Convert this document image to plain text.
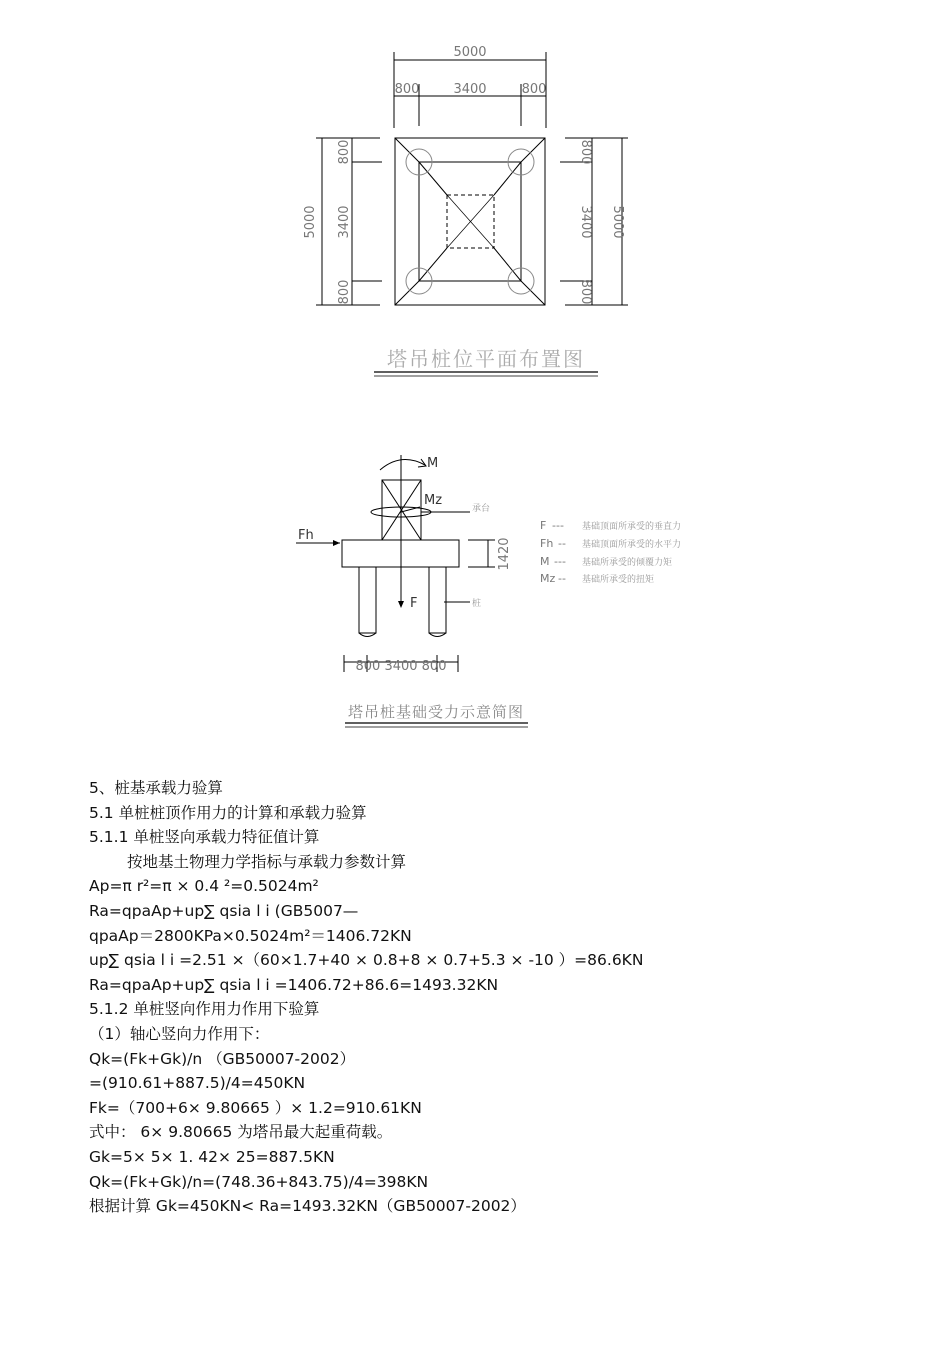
5000
800	3400	800
5000 3400
800
800
5000
3400
800
800
塔吊桩位平面布置图
M
Mz
Fh
F
承台
桩
1420
800 3400 800
F --- 基础顶面所承受的垂直力
Fh -- 基础顶面所承受的水平力
M --- 基础所承受的倾覆力矩
Mz -- 基础所承受的扭矩
塔吊桩基础受力示意简图
5、桩基承载力验算
5.1 单桩桩顶作用力的计算和承载力验算
5.1.1 单桩竖向承载力特征值计算
按地基土物理力学指标与承载力参数计算
Ap=π r²=π × 0.4 ²=0.5024m²
Ra=qpaAp+up∑ qsia l i (GB5007—
qpaAp＝2800KPa×0.5024m²＝1406.72KN
up∑ qsia l i =2.51 ×（60×1.7+40 × 0.8+8 × 0.7+5.3 × -10 ）=86.6KN
Ra=qpaAp+up∑ qsia l i =1406.72+86.6=1493.32KN
5.1.2 单桩竖向作用力作用下验算
（1）轴心竖向力作用下：
Qk=(Fk+Gk)/n （GB50007-2002）
=(910.61+887.5)/4=450KN
Fk=（700+6× 9.80665 ）× 1.2=910.61KN
式中： 6× 9.80665 为塔吊最大起重荷载。
Gk=5× 5× 1. 42× 25=887.5KN
Qk=(Fk+Gk)/n=(748.36+843.75)/4=398KN
根据计算 Gk=450KN< Ra=1493.32KN（GB50007-2002）
